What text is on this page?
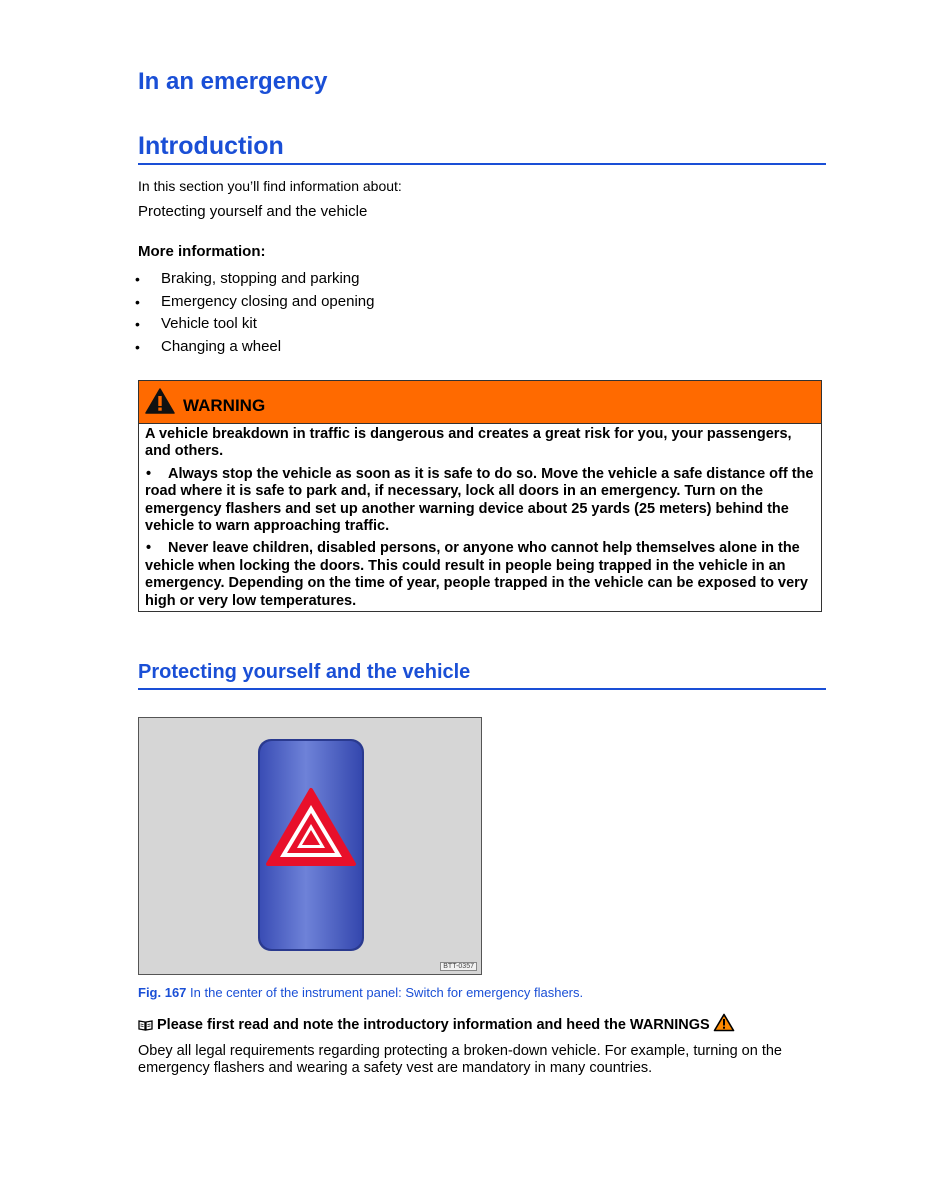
In an emergency
Introduction

In this section you’ll find information about:

Protecting yourself and the vehicle

More information:

• Braking, stopping and parking
• Emergency closing and opening
• Vehicle tool kit
• Changing a wheel
WARNING

A vehicle breakdown in traffic is dangerous and creates a great risk for you, your passengers, and others.

• Always stop the vehicle as soon as it is safe to do so. Move the vehicle a safe distance off the road where it is safe to park and, if necessary, lock all doors in an emergency. Turn on the emergency flashers and set up another warning device about 25 yards (25 meters) behind the vehicle to warn approaching traffic.

• Never leave children, disabled persons, or anyone who cannot help themselves alone in the vehicle when locking the doors. This could result in people being trapped in the vehicle in an emergency. Depending on the time of year, people trapped in the vehicle can be exposed to very high or very low temperatures.

Protecting yourself and the vehicle
BTT-0357

Fig. 167 In the center of the instrument panel: Switch for emergency flashers.

Please first read and note the introductory information and heed the WARNINGS

Obey all legal requirements regarding protecting a broken-down vehicle. For example, turning on the emergency flashers and wearing a safety vest are mandatory in many countries.
